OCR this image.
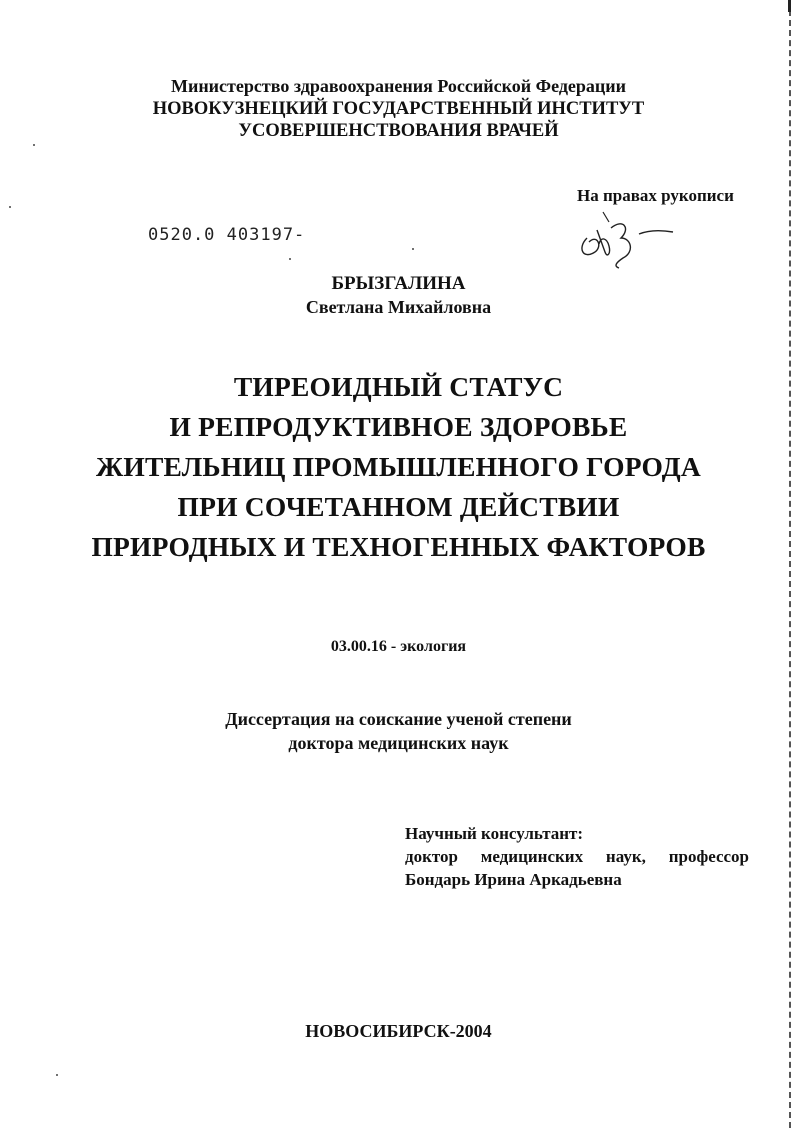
Министерство здравоохранения Российской Федерации
НОВОКУЗНЕЦКИЙ ГОСУДАРСТВЕННЫЙ ИНСТИТУТ
УСОВЕРШЕНСТВОВАНИЯ ВРАЧЕЙ
На правах рукописи
0520.0 403197-
БРЫЗГАЛИНА
Светлана Михайловна
ТИРЕОИДНЫЙ СТАТУС
И РЕПРОДУКТИВНОЕ ЗДОРОВЬЕ
ЖИТЕЛЬНИЦ ПРОМЫШЛЕННОГО ГОРОДА
ПРИ СОЧЕТАННОМ ДЕЙСТВИИ
ПРИРОДНЫХ И ТЕХНОГЕННЫХ ФАКТОРОВ
03.00.16 - экология
Диссертация на соискание ученой степени
доктора медицинских наук
Научный консультант:
доктор медицинских наук, профессор
Бондарь Ирина Аркадьевна
НОВОСИБИРСК-2004
